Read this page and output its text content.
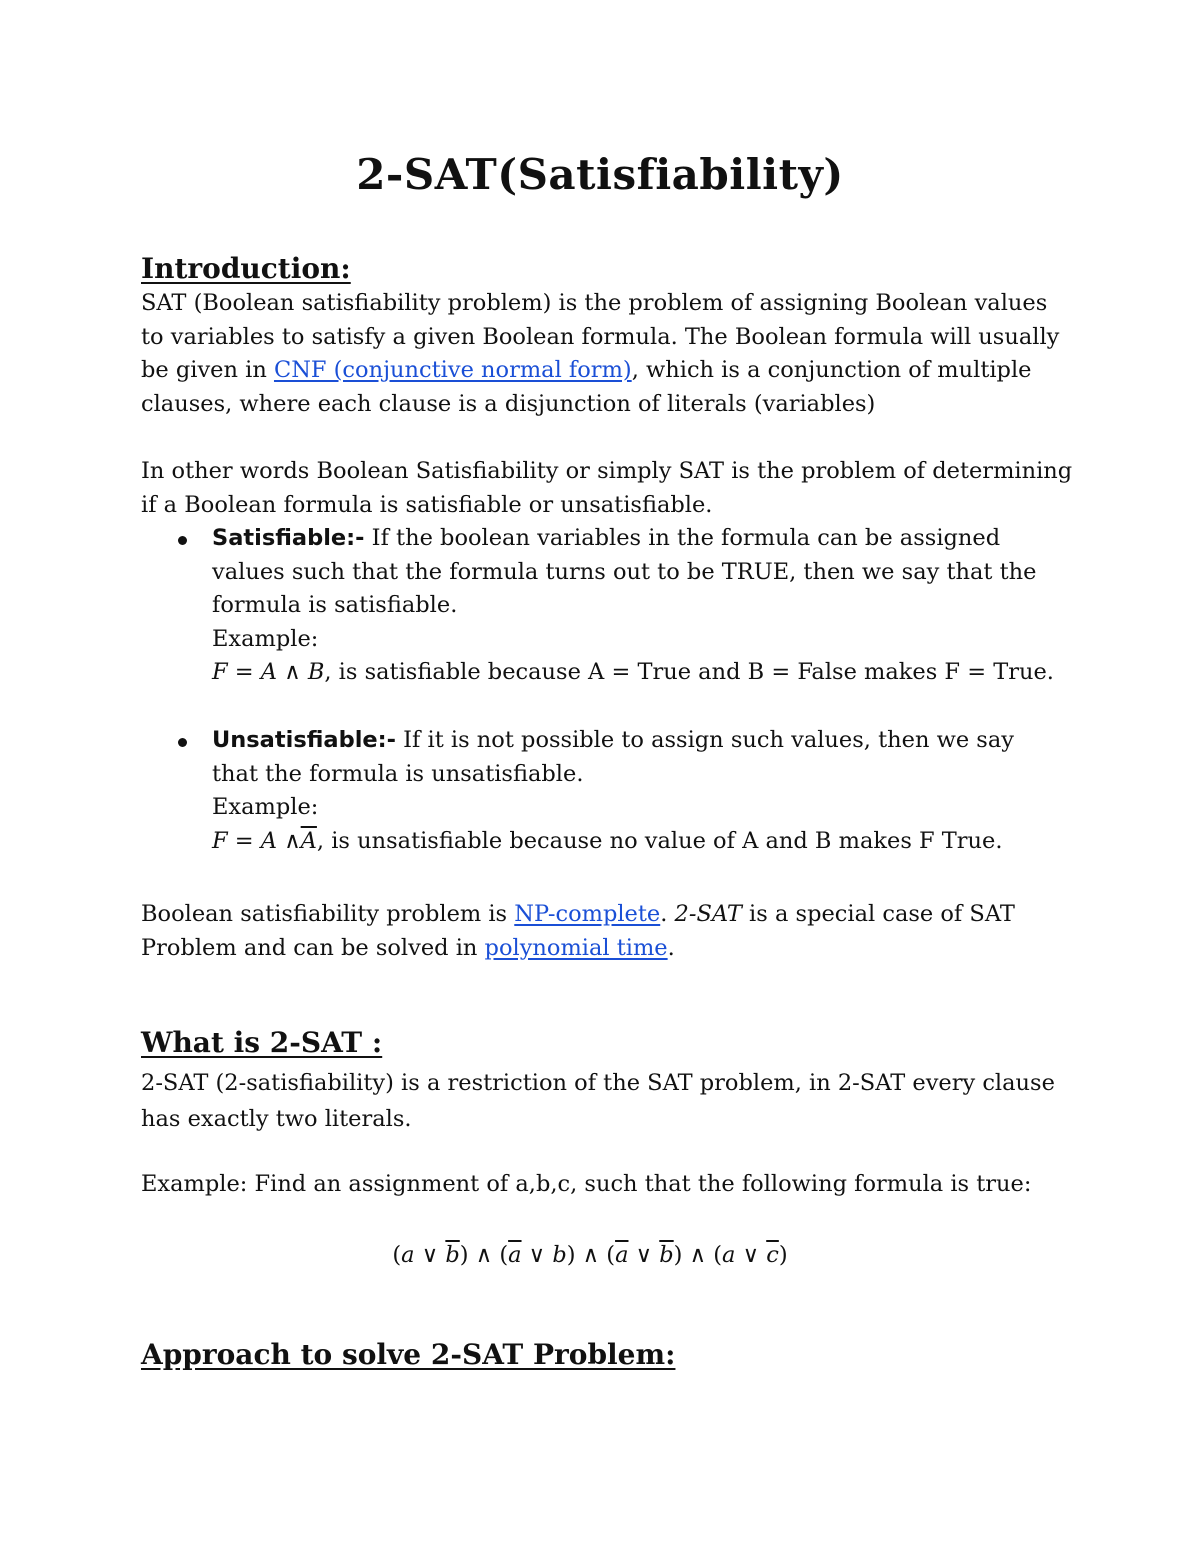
2-SAT(Satisfiability)
Introduction:
SAT (Boolean satisfiability problem) is the problem of assigning Boolean values
to variables to satisfy a given Boolean formula. The Boolean formula will usually
be given in CNF (conjunctive normal form), which is a conjunction of multiple
clauses, where each clause is a disjunction of literals (variables)
In other words Boolean Satisfiability or simply SAT is the problem of determining
if a Boolean formula is satisfiable or unsatisfiable.
Satisfiable:- If the boolean variables in the formula can be assigned
values such that the formula turns out to be TRUE, then we say that the
formula is satisfiable.
Example:
F = A ∧ B, is satisfiable because A = True and B = False makes F = True.
Unsatisfiable:- If it is not possible to assign such values, then we say
that the formula is unsatisfiable.
Example:
F = A $\wedge\overline{A}$, is unsatisfiable because no value of A and B makes F True.
Boolean satisfiability problem is NP-complete. 2-SAT is a special case of SAT
Problem and can be solved in polynomial time.
What is 2-SAT :
2-SAT (2-satisfiability) is a restriction of the SAT problem, in 2-SAT every clause
has exactly two literals.
Example: Find an assignment of a,b,c, such that the following formula is true:
(a ∨ $\overline{b}$) ∧ ($\overline{a}$ ∨ b) ∧ ($\overline{a}$ ∨ $\overline{b}$) ∧ (a ∨ $\overline{c}$)
Approach to solve 2-SAT Problem:
